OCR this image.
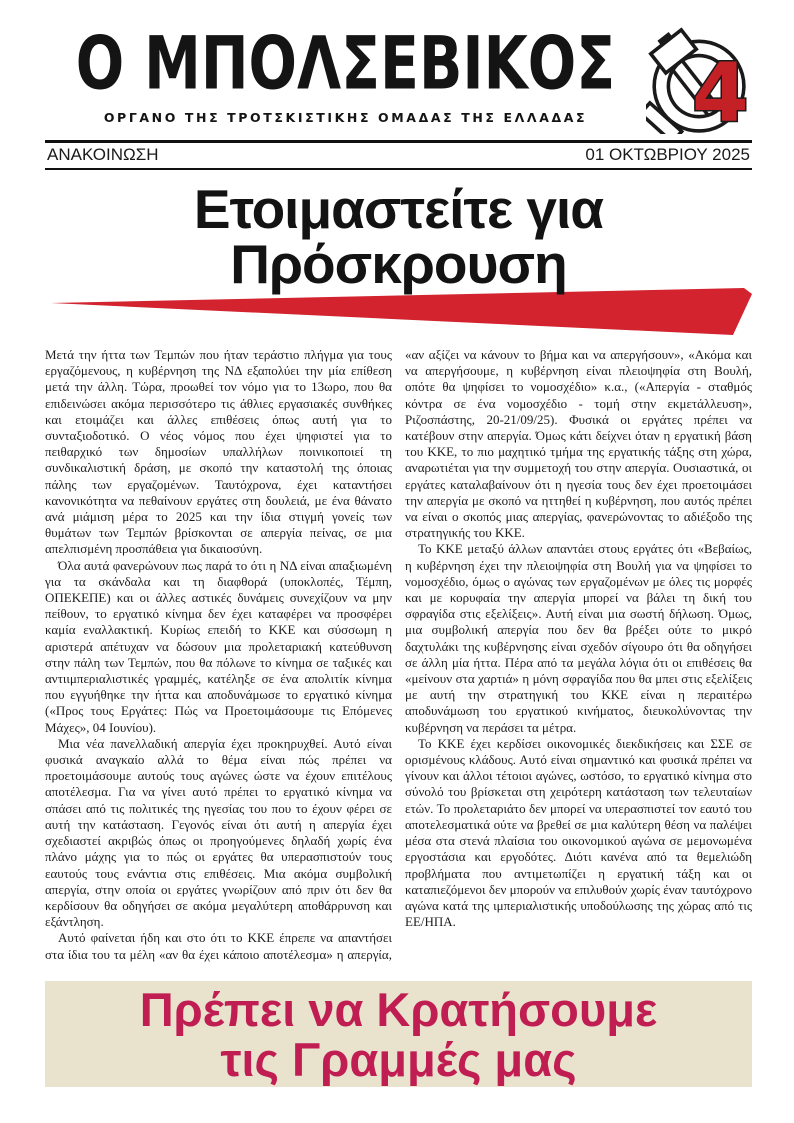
Ο ΜΠΟΛΣΕΒΙΚΟΣ
ΟΡΓΑΝΟ ΤΗΣ ΤΡΟΤΣΚΙΣΤΙΚΗΣ ΟΜΑΔΑΣ ΤΗΣ ΕΛΛΑΔΑΣ	4
ΑΝΑΚΟΙΝΩΣΗ	01 ΟΚΤΩΒΡΙΟΥ 2025
Ετοιμαστείτε για
Πρόσκρουση

Μετά την ήττα των Τεμπών που ήταν τεράστιο πλήγμα για τους εργαζόμενους, η κυβέρνηση της ΝΔ εξαπολύει την μία επίθεση μετά την άλλη. Τώρα, προωθεί τον νόμο για το 13ωρο, που θα επιδεινώσει ακόμα περισσότερο τις άθλιες εργασιακές συνθήκες και ετοιμάζει και άλλες επιθέσεις όπως αυτή για το συνταξιοδοτικό. Ο νέος νόμος που έχει ψηφιστεί για το πειθαρχικό των δημοσίων υπαλλήλων ποινικοποιεί τη συνδικαλιστική δράση, με σκοπό την καταστολή της όποιας πάλης των εργαζομένων. Ταυτόχρονα, έχει καταντήσει κανονικότητα να πεθαίνουν εργάτες στη δουλειά, με ένα θάνατο ανά μιάμιση μέρα το 2025 και την ίδια στιγμή γονείς των θυμάτων των Τεμπών βρίσκονται σε απεργία πείνας, σε μια απελπισμένη προσπάθεια για δικαιοσύνη.

Όλα αυτά φανερώνουν πως παρά το ότι η ΝΔ είναι απαξιωμένη για τα σκάνδαλα και τη διαφθορά (υποκλοπές, Τέμπη, ΟΠΕΚΕΠΕ) και οι άλλες αστικές δυνάμεις συνεχίζουν να μην πείθουν, το εργατικό κίνημα δεν έχει καταφέρει να προσφέρει καμία εναλλακτική. Κυρίως επειδή το ΚΚΕ και σύσσωμη η αριστερά απέτυχαν να δώσουν μια προλεταριακή κατεύθυνση στην πάλη των Τεμπών, που θα πόλωνε το κίνημα σε ταξικές και αντιιμπεριαλιστικές γραμμές, κατέληξε σε ένα απολιτίκ κίνημα που εγγυήθηκε την ήττα και αποδυνάμωσε το εργατικό κίνημα («Προς τους Εργάτες: Πώς να Προετοιμάσουμε τις Επόμενες Μάχες», 04 Ιουνίου).

Μια νέα πανελλαδική απεργία έχει προκηρυχθεί. Αυτό είναι φυσικά αναγκαίο αλλά το θέμα είναι πώς πρέπει να προετοιμάσουμε αυτούς τους αγώνες ώστε να έχουν επιτέλους αποτέλεσμα. Για να γίνει αυτό πρέπει το εργατικό κίνημα να σπάσει από τις πολιτικές της ηγεσίας του που το έχουν φέρει σε αυτή την κατάσταση. Γεγονός είναι ότι αυτή η απεργία έχει σχεδιαστεί ακριβώς όπως οι προηγούμενες δηλαδή χωρίς ένα πλάνο μάχης για το πώς οι εργάτες θα υπερασπιστούν τους εαυτούς τους ενάντια στις επιθέσεις. Μια ακόμα συμβολική απεργία, στην οποία οι εργάτες γνωρίζουν από πριν ότι δεν θα κερδίσουν θα οδηγήσει σε ακόμα μεγαλύτερη αποθάρρυνση και εξάντληση.

Αυτό φαίνεται ήδη και στο ότι το ΚΚΕ έπρεπε να απαντήσει στα ίδια του τα μέλη «αν θα έχει κάποιο αποτέλεσμα» η απεργία, «αν αξίζει να κάνουν το βήμα και να απεργήσουν», «Ακόμα και να απεργήσουμε, η κυβέρνηση είναι πλειοψηφία στη Βουλή, οπότε θα ψηφίσει το νομοσχέδιο» κ.α., («Απεργία - σταθμός κόντρα σε ένα νομοσχέδιο - τομή στην εκμετάλλευση», Ριζοσπάστης, 20-21/09/25). Φυσικά οι εργάτες πρέπει να κατέβουν στην απεργία. Όμως κάτι δείχνει όταν η εργατική βάση του ΚΚΕ, το πιο μαχητικό τμήμα της εργατικής τάξης στη χώρα, αναρωτιέται για την συμμετοχή του στην απεργία. Ουσιαστικά, οι εργάτες καταλαβαίνουν ότι η ηγεσία τους δεν έχει προετοιμάσει την απεργία με σκοπό να ηττηθεί η κυβέρνηση, που αυτός πρέπει να είναι ο σκοπός μιας απεργίας, φανερώνοντας το αδιέξοδο της στρατηγικής του ΚΚΕ.

Το ΚΚΕ μεταξύ άλλων απαντάει στους εργάτες ότι «Βεβαίως, η κυβέρνηση έχει την πλειοψηφία στη Βουλή για να ψηφίσει το νομοσχέδιο, όμως ο αγώνας των εργαζομένων με όλες τις μορφές και με κορυφαία την απεργία μπορεί να βάλει τη δική του σφραγίδα στις εξελίξεις». Αυτή είναι μια σωστή δήλωση. Όμως, μια συμβολική απεργία που δεν θα βρέξει ούτε το μικρό δαχτυλάκι της κυβέρνησης είναι σχεδόν σίγουρο ότι θα οδηγήσει σε άλλη μία ήττα. Πέρα από τα μεγάλα λόγια ότι οι επιθέσεις θα «μείνουν στα χαρτιά» η μόνη σφραγίδα που θα μπει στις εξελίξεις με αυτή την στρατηγική του ΚΚΕ είναι η περαιτέρω αποδυνάμωση του εργατικού κινήματος, διευκολύνοντας την κυβέρνηση να περάσει τα μέτρα.

Το ΚΚΕ έχει κερδίσει οικονομικές διεκδικήσεις και ΣΣΕ σε ορισμένους κλάδους. Αυτό είναι σημαντικό και φυσικά πρέπει να γίνουν και άλλοι τέτοιοι αγώνες, ωστόσο, το εργατικό κίνημα στο σύνολό του βρίσκεται στη χειρότερη κατάσταση των τελευταίων ετών. Το προλεταριάτο δεν μπορεί να υπερασπιστεί τον εαυτό του αποτελεσματικά ούτε να βρεθεί σε μια καλύτερη θέση να παλέψει μέσα στα στενά πλαίσια του οικονομικού αγώνα σε μεμονωμένα εργοστάσια και εργοδότες. Διότι κανένα από τα θεμελιώδη προβλήματα που αντιμετωπίζει η εργατική τάξη και οι καταπιεζόμενοι δεν μπορούν να επιλυθούν χωρίς έναν ταυτόχρονο αγώνα κατά της ιμπεριαλιστικής υποδούλωσης της χώρας από τις ΕΕ/ΗΠΑ.

Πρέπει να Κρατήσουμε
τις Γραμμές μας
